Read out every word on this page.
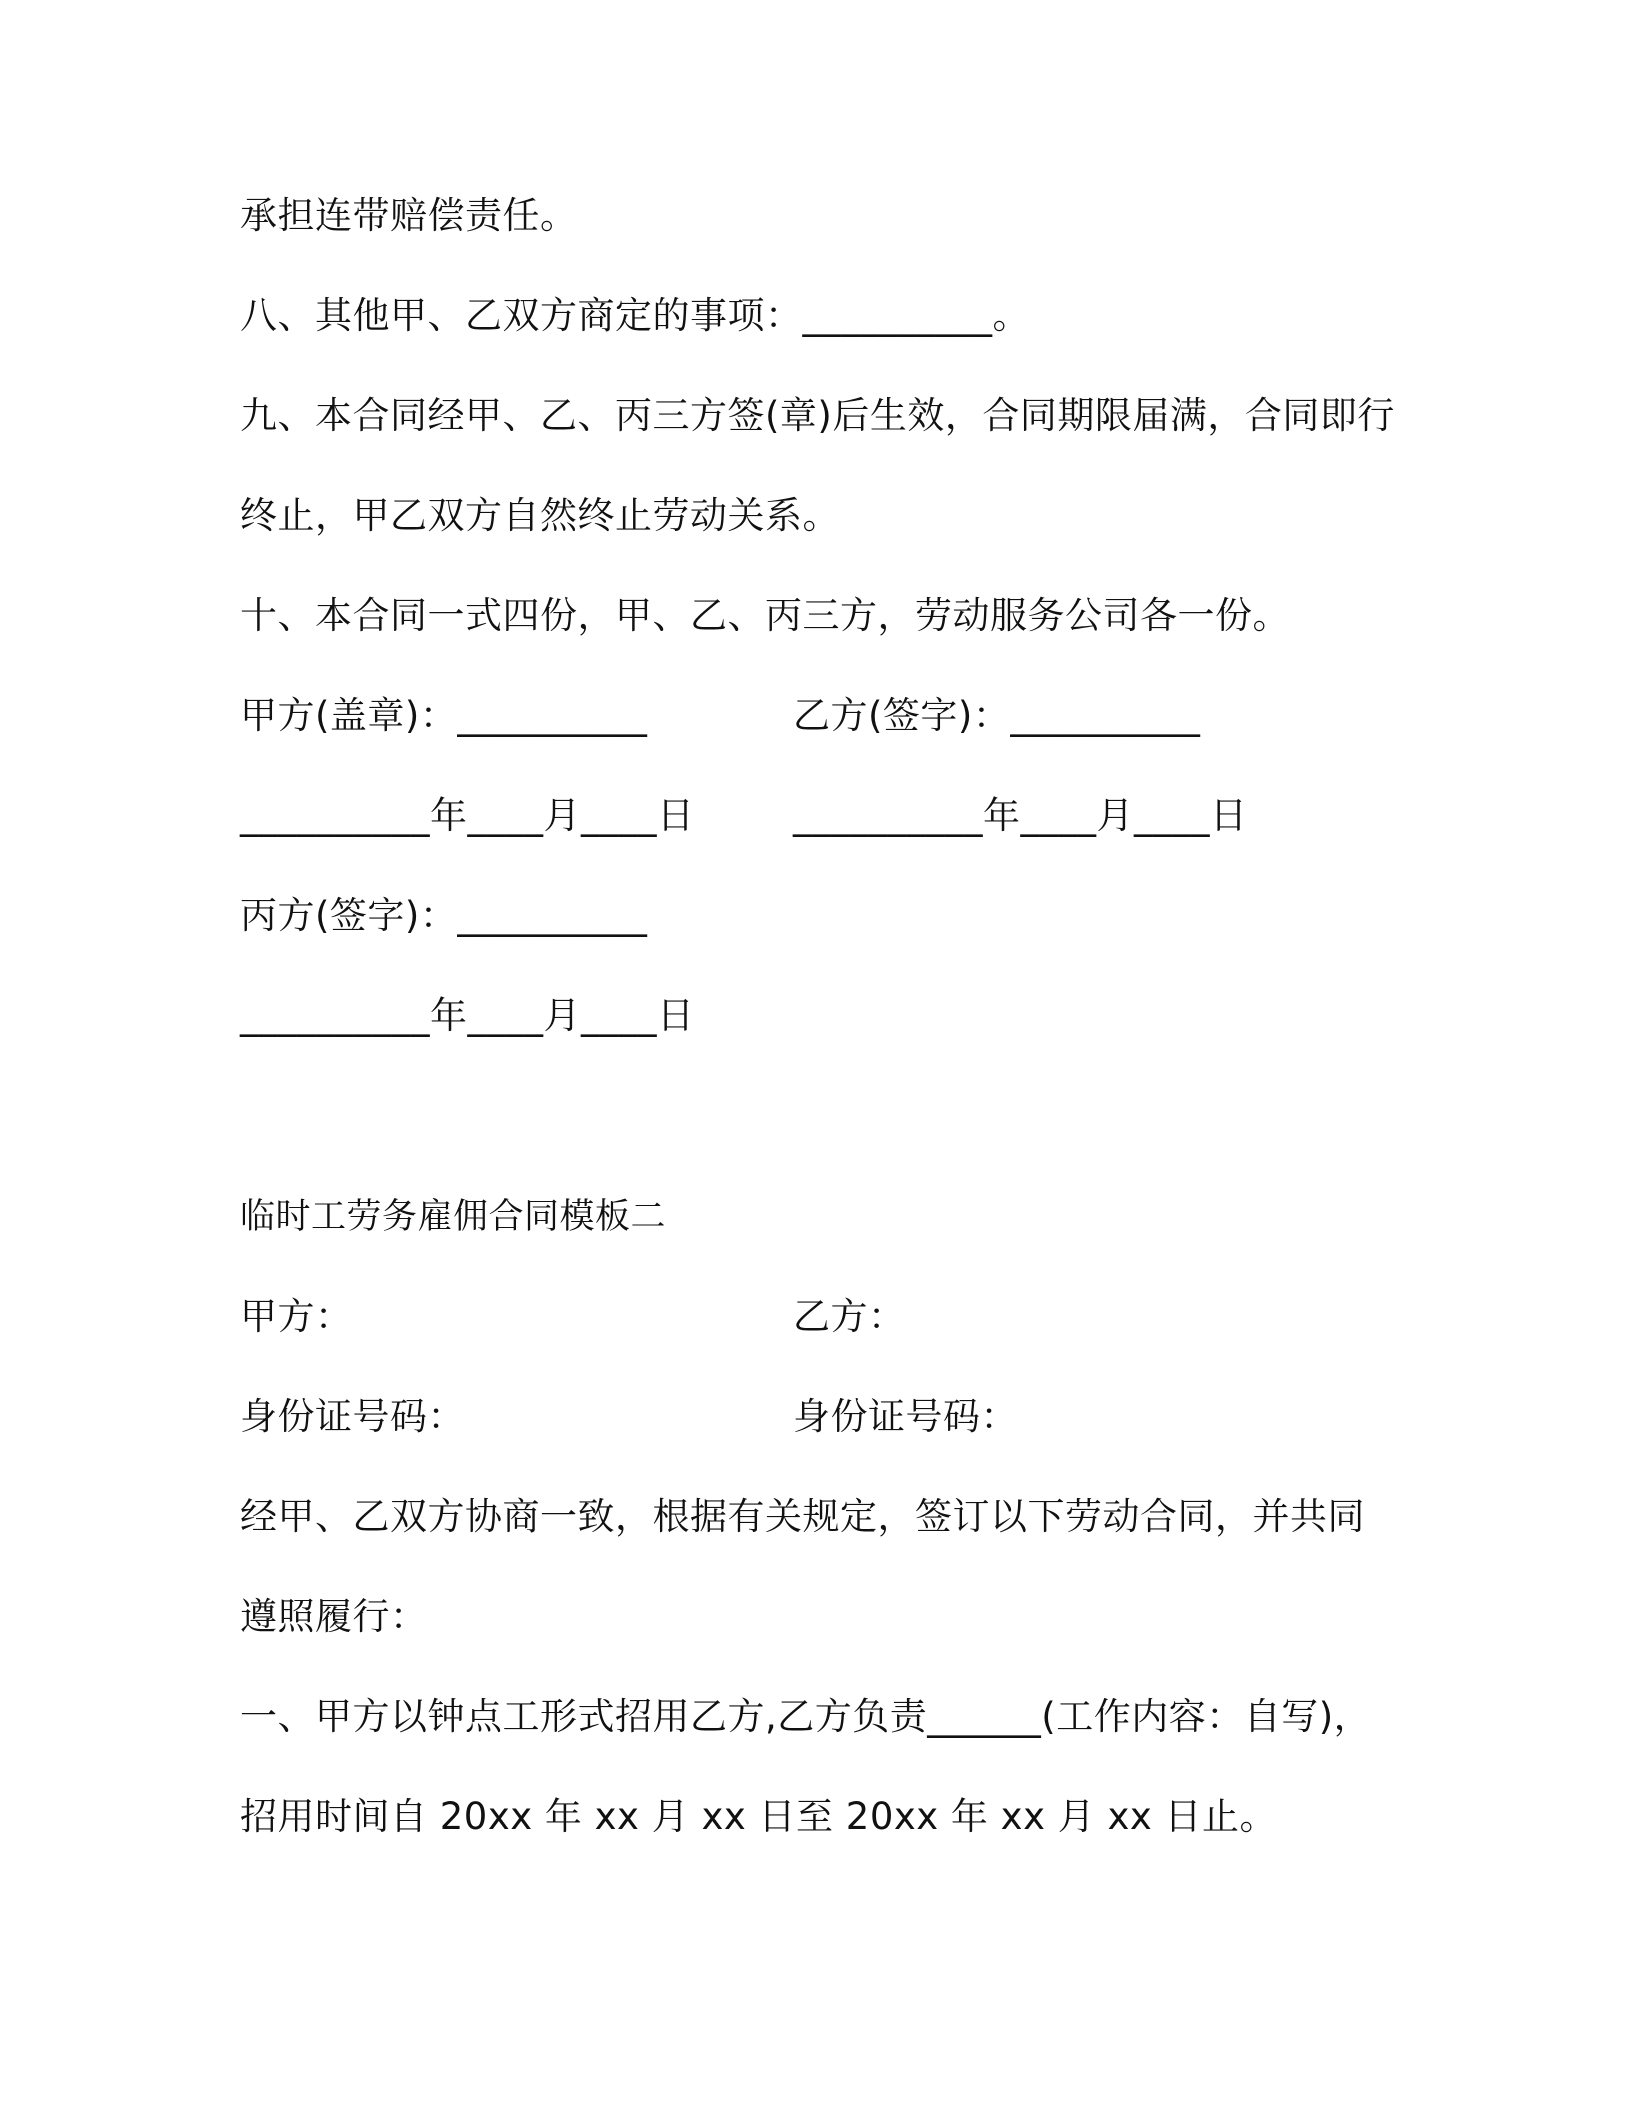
承担连带赔偿责任。
八、其他甲、乙双方商定的事项：__________。
九、本合同经甲、乙、丙三方签(章)后生效，合同期限届满，合同即行
终止，甲乙双方自然终止劳动关系。
十、本合同一式四份，甲、乙、丙三方，劳动服务公司各一份。
甲方(盖章)：__________	乙方(签字)：__________
__________年____月____日	__________年____月____日
丙方(签字)：__________
__________年____月____日
临时工劳务雇佣合同模板二
甲方：	乙方：
身份证号码：	身份证号码：
经甲、乙双方协商一致，根据有关规定，签订以下劳动合同，并共同
遵照履行：
一、甲方以钟点工形式招用乙方,乙方负责______(工作内容：自写)，
招用时间自 20xx 年 xx 月 xx 日至 20xx 年 xx 月 xx 日止。
